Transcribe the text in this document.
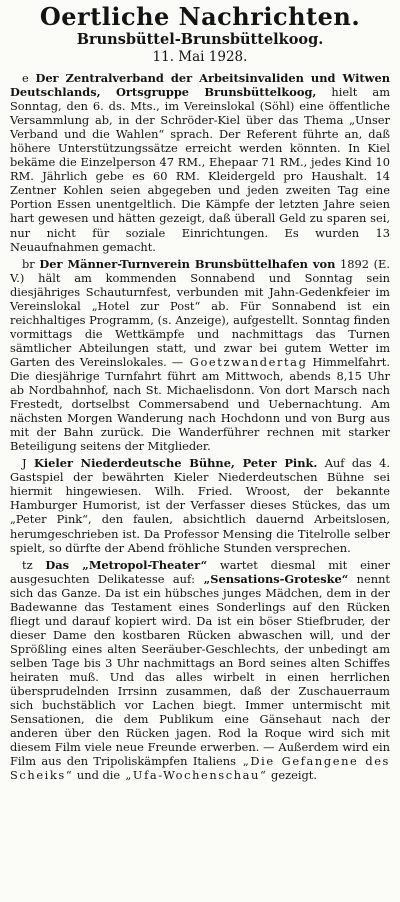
Oertliche Nachrichten.
Brunsbüttel-Brunsbüttelkoog.
11. Mai 1928.

e Der Zentralverband der Arbeitsinvaliden und Witwen Deutschlands, Ortsgruppe Brunsbüttelkoog, hielt am Sonntag, den 6. ds. Mts., im Vereinslokal (Söhl) eine öffentliche Versammlung ab, in der Schröder-Kiel über das Thema „Unser Verband und die Wahlen“ sprach. Der Referent führte an, daß höhere Unterstützungssätze erreicht werden könnten. In Kiel bekäme die Einzelperson 47 RM., Ehepaar 71 RM., jedes Kind 10 RM. Jährlich gebe es 60 RM. Kleidergeld pro Haushalt. 14 Zentner Kohlen seien abgegeben und jeden zweiten Tag eine Portion Essen unentgeltlich. Die Kämpfe der letzten Jahre seien hart gewesen und hätten gezeigt, daß überall Geld zu sparen sei, nur nicht für soziale Einrichtungen. Es wurden 13 Neuaufnahmen gemacht.

br Der Männer-Turnverein Brunsbüttelhafen von 1892 (E. V.) hält am kommenden Sonnabend und Sonntag sein diesjähriges Schauturnfest, verbunden mit Jahn-Gedenkfeier im Vereinslokal „Hotel zur Post“ ab. Für Sonnabend ist ein reichhaltiges Programm, (s. Anzeige), aufgestellt. Sonntag finden vormittags die Wettkämpfe und nachmittags das Turnen sämtlicher Abteilungen statt, und zwar bei gutem Wetter im Garten des Vereinslokales. — Goetzwandertag Himmelfahrt. Die diesjährige Turnfahrt führt am Mittwoch, abends 8,15 Uhr ab Nordbahnhof, nach St. Michaelisdonn. Von dort Marsch nach Frestedt, dortselbst Commersabend und Uebernachtung. Am nächsten Morgen Wanderung nach Hochdonn und von Burg aus mit der Bahn zurück. Die Wanderführer rechnen mit starker Beteiligung seitens der Mitglieder.

J Kieler Niederdeutsche Bühne, Peter Pink. Auf das 4. Gastspiel der bewährten Kieler Niederdeutschen Bühne sei hiermit hingewiesen. Wilh. Fried. Wroost, der bekannte Hamburger Humorist, ist der Verfasser dieses Stückes, das um „Peter Pink“, den faulen, absichtlich dauernd Arbeitslosen, herumgeschrieben ist. Da Professor Mensing die Titelrolle selber spielt, so dürfte der Abend fröhliche Stunden versprechen.

tz Das „Metropol-Theater“ wartet diesmal mit einer ausgesuchten Delikatesse auf: „Sensations-Groteske“ nennt sich das Ganze. Da ist ein hübsches junges Mädchen, dem in der Badewanne das Testament eines Sonderlings auf den Rücken fliegt und darauf kopiert wird. Da ist ein böser Stiefbruder, der dieser Dame den kostbaren Rücken abwaschen will, und der Sprößling eines alten Seeräuber-Geschlechts, der unbedingt am selben Tage bis 3 Uhr nachmittags an Bord seines alten Schiffes heiraten muß. Und das alles wirbelt in einen herrlichen übersprudelnden Irrsinn zusammen, daß der Zuschauerraum sich buchstäblich vor Lachen biegt. Immer untermischt mit Sensationen, die dem Publikum eine Gänsehaut nach der anderen über den Rücken jagen. Rod la Roque wird sich mit diesem Film viele neue Freunde erwerben. — Außerdem wird ein Film aus den Tripoliskämpfen Italiens „Die Gefangene des Scheiks“ und die „Ufa-Wochenschau“ gezeigt.
